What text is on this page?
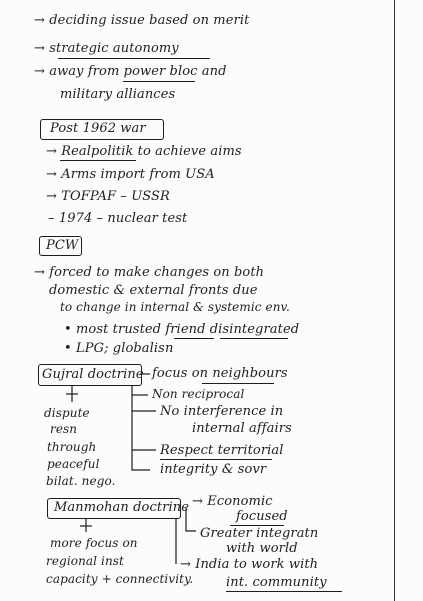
→ deciding issue based on merit
→ strategic autonomy
→ away from power bloc and
military alliances
Post 1962 war
→ Realpolitik to achieve aims
→ Arms import from USA
→ TOFPAF – USSR
– 1974 – nuclear test
PCW
→ forced to make changes on both
domestic & external fronts due
to change in internal & systemic env.
• most trusted friend disintegrated
• LPG; globalisn
Gujral doctrine focus on neighbours
Non reciprocal
No interference in
internal affairs
Respect territorial
integrity & sovr
dispute
resn
through
peaceful
bilat. nego.
Manmohan doctrine → Economic
focused
Greater integratn
with world
→ India to work with
int. community
more focus on
regional inst
capacity + connectivity.
